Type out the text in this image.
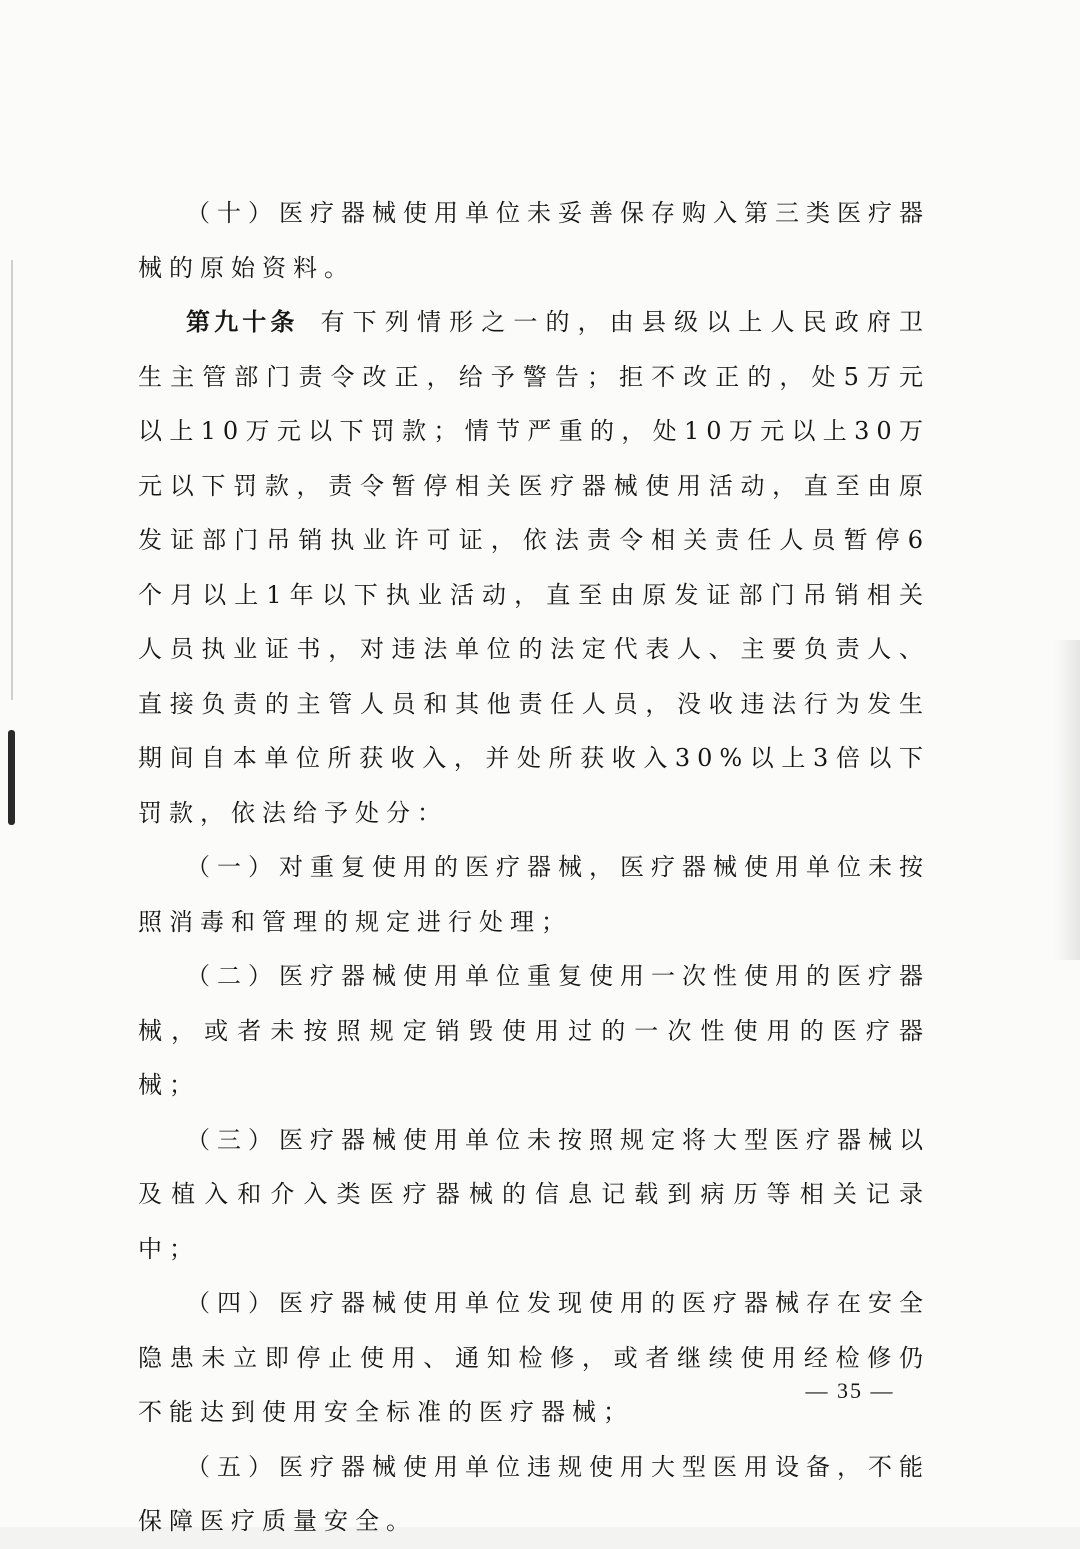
（十）医疗器械使用单位未妥善保存购入第三类医疗器械的原始资料。

第九十条 有下列情形之一的，由县级以上人民政府卫生主管部门责令改正，给予警告；拒不改正的，处5万元以上10万元以下罚款；情节严重的，处10万元以上30万元以下罚款，责令暂停相关医疗器械使用活动，直至由原发证部门吊销执业许可证，依法责令相关责任人员暂停6个月以上1年以下执业活动，直至由原发证部门吊销相关人员执业证书，对违法单位的法定代表人、主要负责人、直接负责的主管人员和其他责任人员，没收违法行为发生期间自本单位所获收入，并处所获收入30%以上3倍以下罚款，依法给予处分：

（一）对重复使用的医疗器械，医疗器械使用单位未按照消毒和管理的规定进行处理；

（二）医疗器械使用单位重复使用一次性使用的医疗器械，或者未按照规定销毁使用过的一次性使用的医疗器械；

（三）医疗器械使用单位未按照规定将大型医疗器械以及植入和介入类医疗器械的信息记载到病历等相关记录中；

（四）医疗器械使用单位发现使用的医疗器械存在安全隐患未立即停止使用、通知检修，或者继续使用经检修仍不能达到使用安全标准的医疗器械；

（五）医疗器械使用单位违规使用大型医用设备，不能保障医疗质量安全。

— 35 —
